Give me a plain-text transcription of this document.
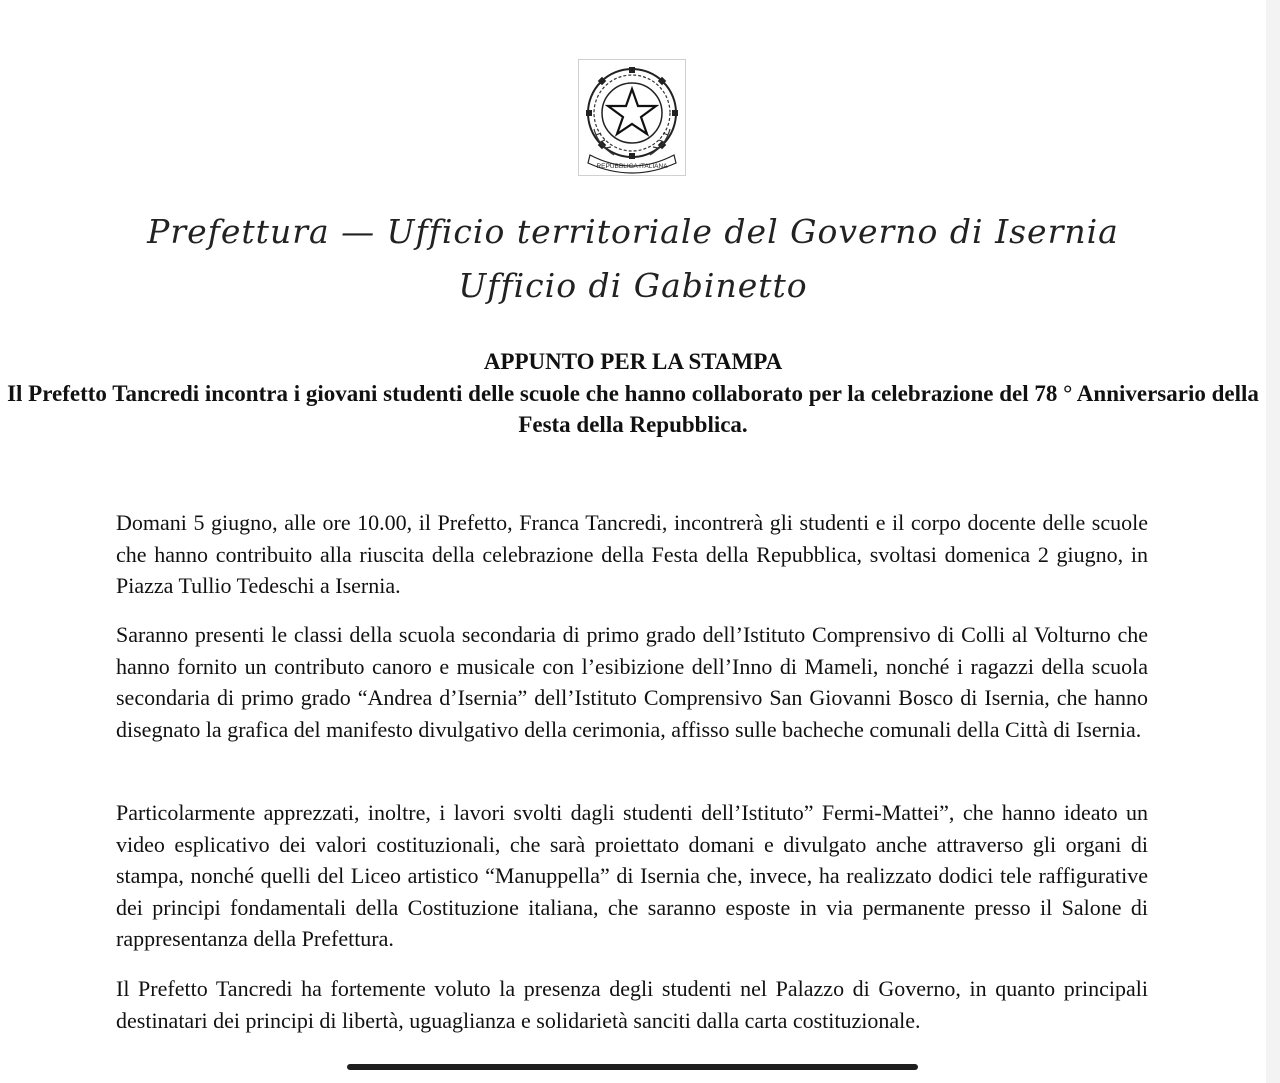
REPUBBLICA ITALIANA
Prefettura — Ufficio territoriale del Governo di Isernia
Ufficio di Gabinetto
APPUNTO PER LA STAMPA
Il Prefetto Tancredi incontra i giovani studenti delle scuole che hanno collaborato per la celebrazione del 78 ° Anniversario della Festa della Repubblica.

Domani 5 giugno, alle ore 10.00, il Prefetto, Franca Tancredi, incontrerà gli studenti e il corpo docente delle scuole che hanno contribuito alla riuscita della celebrazione della Festa della Repubblica, svoltasi domenica 2 giugno, in Piazza Tullio Tedeschi a Isernia.

Saranno presenti le classi della scuola secondaria di primo grado dell’Istituto Comprensivo di Colli al Volturno che hanno fornito un contributo canoro e musicale con l’esibizione dell’Inno di Mameli, nonché i ragazzi della scuola secondaria di primo grado “Andrea d’Isernia” dell’Istituto Comprensivo San Giovanni Bosco di Isernia, che hanno disegnato la grafica del manifesto divulgativo della cerimonia, affisso sulle bacheche comunali della Città di Isernia.

Particolarmente apprezzati, inoltre, i lavori svolti dagli studenti dell’Istituto” Fermi-Mattei”, che hanno ideato un video esplicativo dei valori costituzionali, che sarà proiettato domani e divulgato anche attraverso gli organi di stampa, nonché quelli del Liceo artistico “Manuppella” di Isernia che, invece, ha realizzato dodici tele raffigurative dei principi fondamentali della Costituzione italiana, che saranno esposte in via permanente presso il Salone di rappresentanza della Prefettura.

Il Prefetto Tancredi ha fortemente voluto la presenza degli studenti nel Palazzo di Governo, in quanto principali destinatari dei principi di libertà, uguaglianza e solidarietà sanciti dalla carta costituzionale.
